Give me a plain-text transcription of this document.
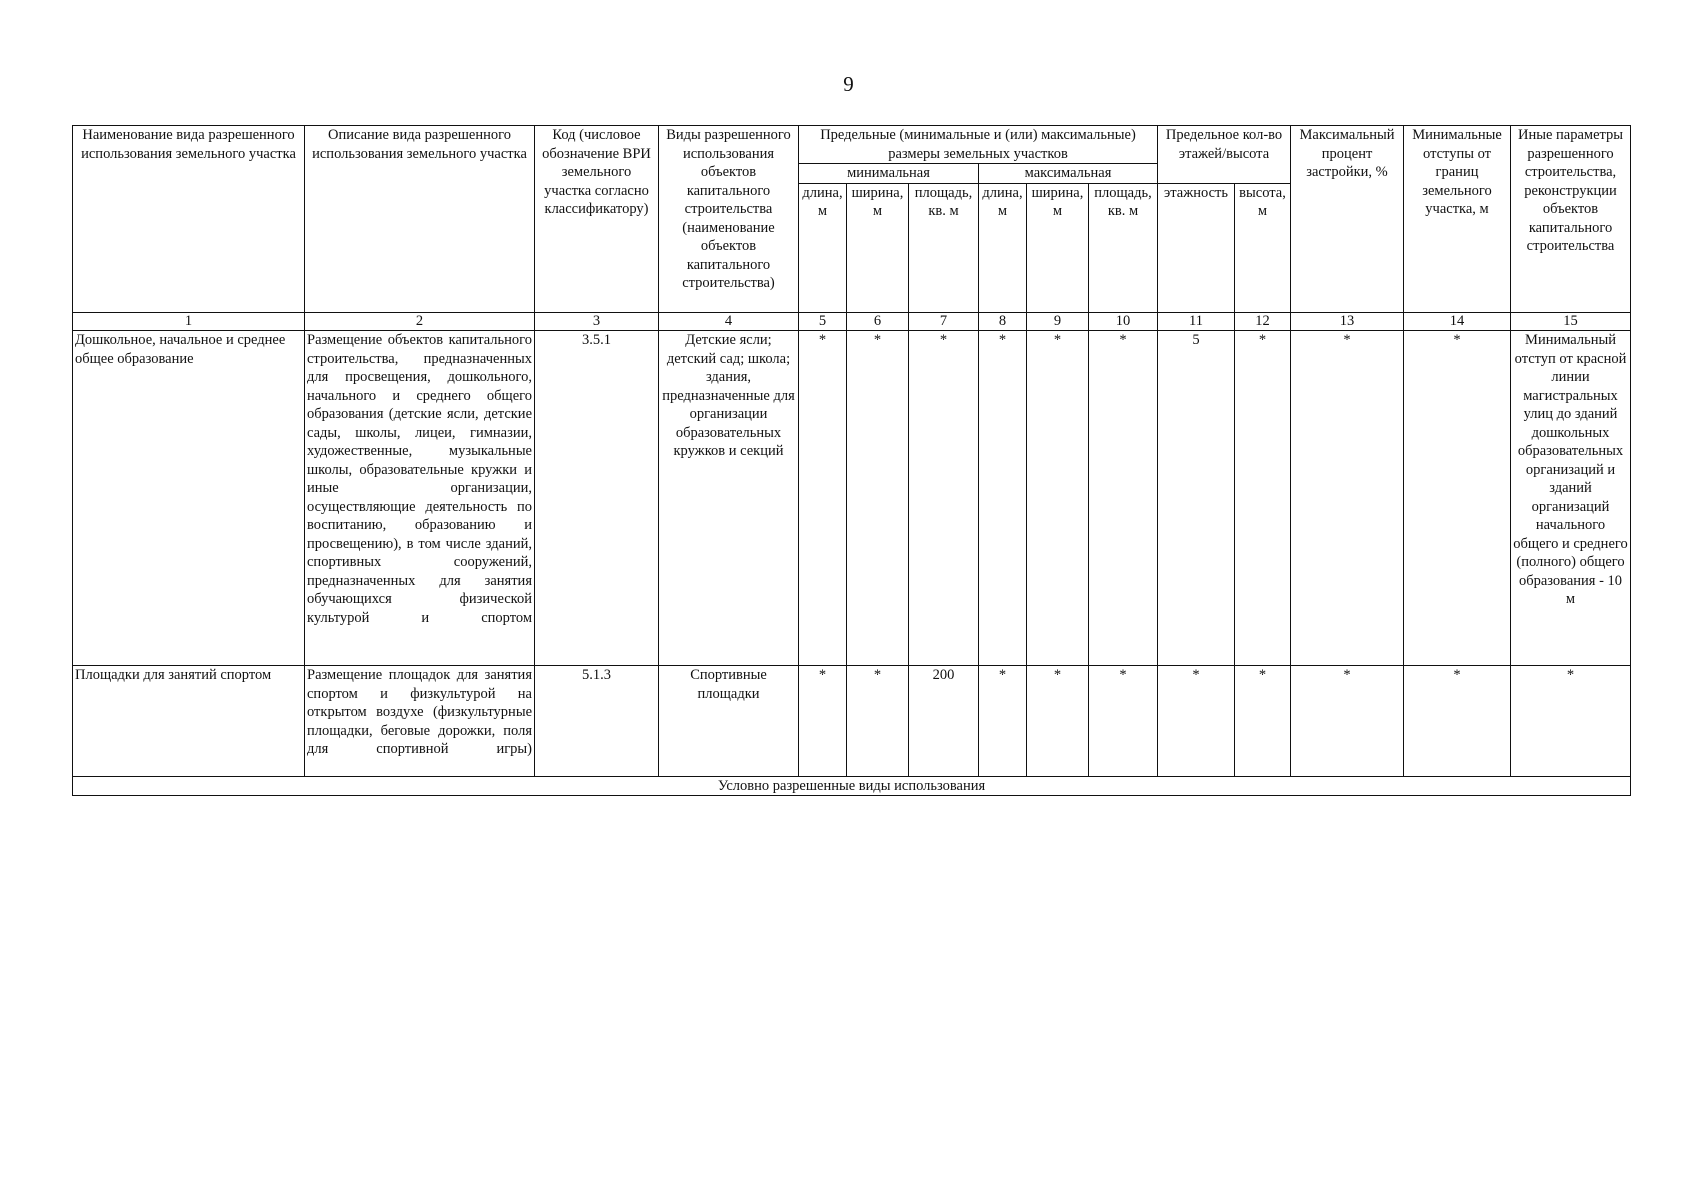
9
Наименование вида разрешенного использования земельного участка	Описание вида разрешенного использования земельного участка	Код (числовое обозначение ВРИ земельного участка согласно классификатору)	Виды разрешенного использования объектов капитального строительства (наименование объектов капитального строительства)	Предельные (минимальные и (или) максимальные) размеры земельных участков						Предельное кол-во этажей/высота		Максимальный процент застройки, %	Минимальные отступы от границ земельного участка, м	Иные параметры разрешенного строительства, реконструкции объектов капитального строительства
				минимальная			максимальная							
				длина, м	ширина, м	площадь, кв. м	длина, м	ширина, м	площадь, кв. м	этажность	высота, м			
1	2	3	4	5	6	7	8	9	10	11	12	13	14	15
Дошкольное, начальное и среднее общее образование	Размещение объектов капитального строительства, предназначенных для просвещения, дошкольного, начального и среднего общего образования (детские ясли, детские сады, школы, лицеи, гимназии, художественные, музыкальные школы, образовательные кружки и иные организации, осуществляющие деятельность по воспитанию, образованию и просвещению), в том числе зданий, спортивных сооружений, предназначенных для занятия обучающихся физической культурой и спортом	3.5.1	Детские ясли; детский сад; школа; здания, предназначенные для организации образовательных кружков и секций	*	*	*	*	*	*	5	*	*	*	Минимальный отступ от красной линии магистральных улиц до зданий дошкольных образовательных организаций и зданий организаций начального общего и среднего (полного) общего образования - 10 м
Площадки для занятий спортом	Размещение площадок для занятия спортом и физкультурой на открытом воздухе (физкультурные площадки, беговые дорожки, поля для спортивной игры)	5.1.3	Спортивные площадки	*	*	200	*	*	*	*	*	*	*	*
Условно разрешенные виды использования														
